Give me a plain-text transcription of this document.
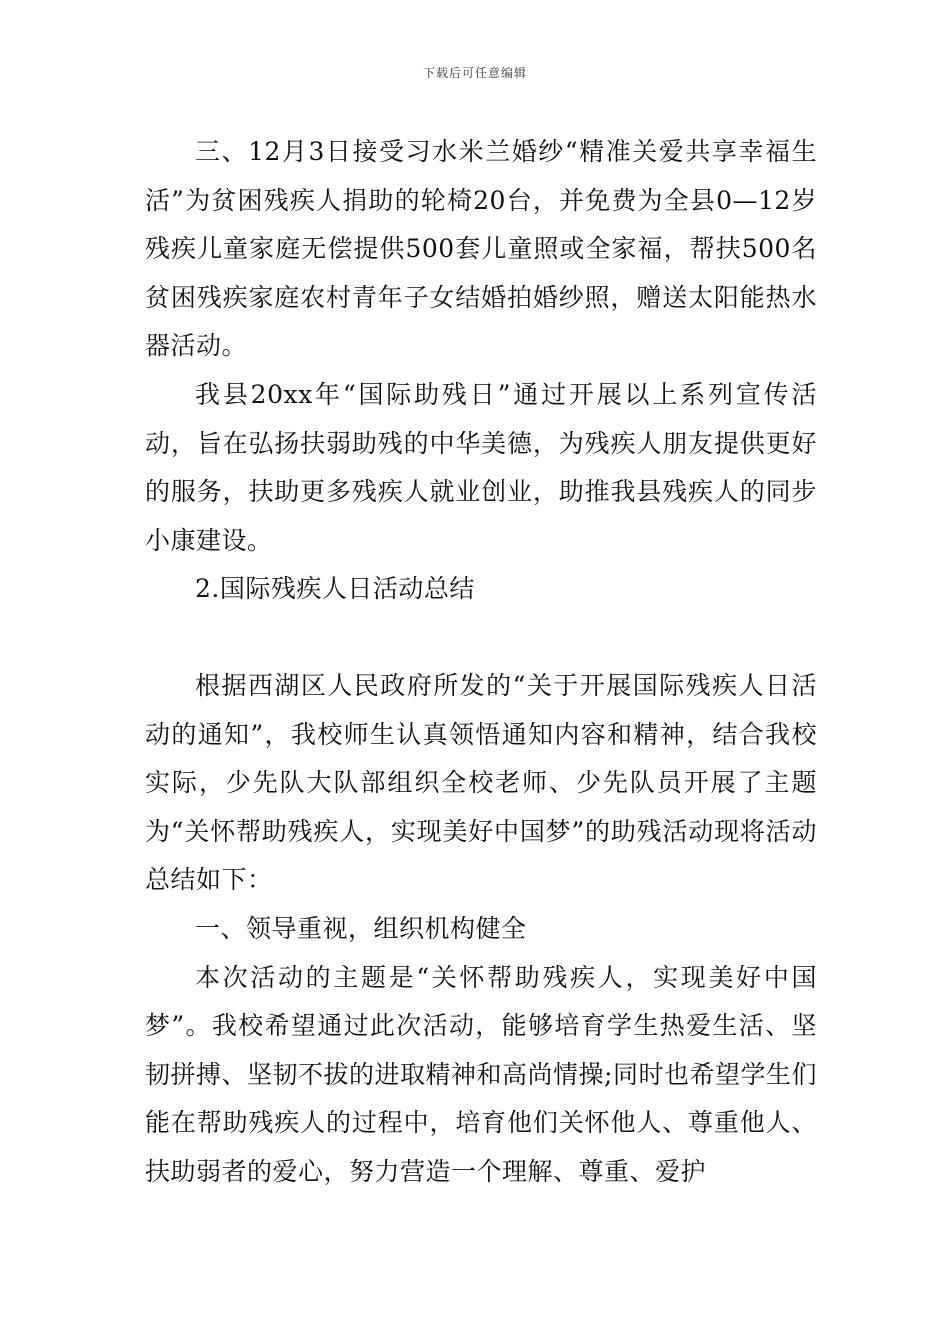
下载后可任意编辑

三、12月3日接受习水米兰婚纱“精准关爱共享幸福生活”为贫困残疾人捐助的轮椅20台，并免费为全县0—12岁残疾儿童家庭无偿提供500套儿童照或全家福，帮扶500名贫困残疾家庭农村青年子女结婚拍婚纱照，赠送太阳能热水器活动。

我县20xx年“国际助残日”通过开展以上系列宣传活动，旨在弘扬扶弱助残的中华美德，为残疾人朋友提供更好的服务，扶助更多残疾人就业创业，助推我县残疾人的同步小康建设。

2.国际残疾人日活动总结

根据西湖区人民政府所发的“关于开展国际残疾人日活动的通知”，我校师生认真领悟通知内容和精神，结合我校实际，少先队大队部组织全校老师、少先队员开展了主题为“关怀帮助残疾人，实现美好中国梦”的助残活动现将活动总结如下：

一、领导重视，组织机构健全

本次活动的主题是“关怀帮助残疾人，实现美好中国梦”。我校希望通过此次活动，能够培育学生热爱生活、坚韧拼搏、坚韧不拔的进取精神和高尚情操;同时也希望学生们能在帮助残疾人的过程中，培育他们关怀他人、尊重他人、扶助弱者的爱心，努力营造一个理解、尊重、爱护
